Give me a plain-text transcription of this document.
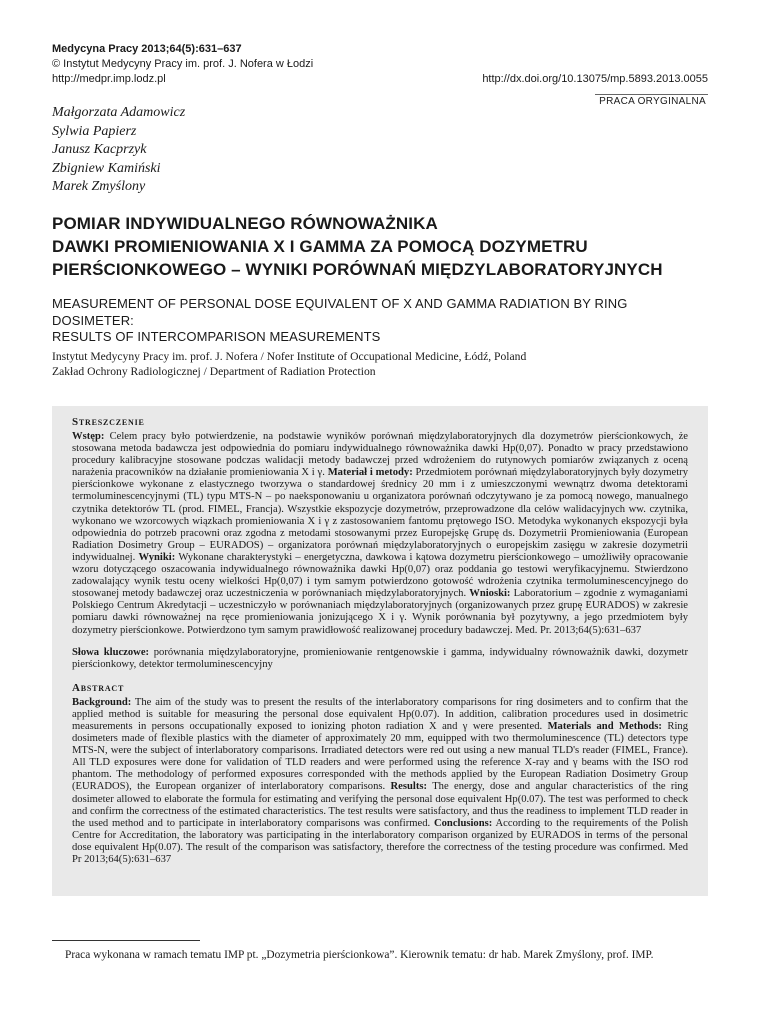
Medycyna Pracy 2013;64(5):631–637
© Instytut Medycyny Pracy im. prof. J. Nofera w Łodzi
http://medpr.imp.lodz.pl	http://dx.doi.org/10.13075/mp.5893.2013.0055
PRACA ORYGINALNA
Małgorzata Adamowicz
Sylwia Papierz
Janusz Kacprzyk
Zbigniew Kamiński
Marek Zmyślony
POMIAR INDYWIDUALNEGO RÓWNOWAŻNIKA
DAWKI PROMIENIOWANIA X I GAMMA ZA POMOCĄ DOZYMETRU
PIERŚCIONKOWEGO – WYNIKI PORÓWNAŃ MIĘDZYLABORATORYJNYCH
MEASUREMENT OF PERSONAL DOSE EQUIVALENT OF X AND GAMMA RADIATION BY RING DOSIMETER:
RESULTS OF INTERCOMPARISON MEASUREMENTS
Instytut Medycyny Pracy im. prof. J. Nofera / Nofer Institute of Occupational Medicine, Łódź, Poland
Zakład Ochrony Radiologicznej / Department of Radiation Protection
Streszczenie

Wstęp: Celem pracy było potwierdzenie, na podstawie wyników porównań międzylaboratoryjnych dla dozymetrów pierścionkowych, że stosowana metoda badawcza jest odpowiednia do pomiaru indywidualnego równoważnika dawki Hp(0,07). Ponadto w pracy przedstawiono procedury kalibracyjne stosowane podczas walidacji metody badawczej przed wdrożeniem do rutynowych pomiarów związanych z oceną narażenia pracowników na działanie promieniowania X i γ. Materiał i metody: Przedmiotem porównań międzylaboratoryjnych były dozymetry pierścionkowe wykonane z elastycznego tworzywa o standardowej średnicy 20 mm i z umieszczonymi wewnątrz dwoma detektorami termoluminescencyjnymi (TL) typu MTS-N – po naeksponowaniu u organizatora porównań odczytywano je za pomocą nowego, manualnego czytnika detektorów TL (prod. FIMEL, Francja). Wszystkie ekspozycje dozymetrów, przeprowadzone dla celów walidacyjnych ww. czytnika, wykonano we wzorcowych wiązkach promieniowania X i γ z zastosowaniem fantomu prętowego ISO. Metodyka wykonanych ekspozycji była odpowiednia do potrzeb pracowni oraz zgodna z metodami stosowanymi przez Europejskę Grupę ds. Dozymetrii Promieniowania (European Radiation Dosimetry Group – EURADOS) – organizatora porównań międzylaboratoryjnych o europejskim zasięgu w zakresie dozymetrii indywidualnej. Wyniki: Wykonane charakterystyki – energetyczna, dawkowa i kątowa dozymetru pierścionkowego – umożliwiły opracowanie wzoru dotyczącego oszacowania indywidualnego równoważnika dawki Hp(0,07) oraz poddania go testowi weryfikacyjnemu. Stwierdzono zadowalający wynik testu oceny wielkości Hp(0,07) i tym samym potwierdzono gotowość wdrożenia czytnika termoluminescencyjnego do stosowanej metody badawczej oraz uczestniczenia w porównaniach międzylaboratoryjnych. Wnioski: Laboratorium – zgodnie z wymaganiami Polskiego Centrum Akredytacji – uczestniczyło w porównaniach międzylaboratoryjnych (organizowanych przez grupę EURADOS) w zakresie pomiaru dawki równoważnej na ręce promieniowania jonizującego X i γ. Wynik porównania był pozytywny, a jego przedmiotem były dozymetry pierścionkowe. Potwierdzono tym samym prawidłowość realizowanej procedury badawczej. Med. Pr. 2013;64(5):631–637

Słowa kluczowe: porównania międzylaboratoryjne, promieniowanie rentgenowskie i gamma, indywidualny równoważnik dawki, dozymetr pierścionkowy, detektor termoluminescencyjny

Abstract

Background: The aim of the study was to present the results of the interlaboratory comparisons for ring dosimeters and to confirm that the applied method is suitable for measuring the personal dose equivalent Hp(0.07). In addition, calibration procedures used in dosimetric measurements in persons occupationally exposed to ionizing photon radiation X and γ were presented. Materials and Methods: Ring dosimeters made of flexible plastics with the diameter of approximately 20 mm, equipped with two thermoluminescence (TL) detectors type MTS-N, were the subject of interlaboratory comparisons. Irradiated detectors were red out using a new manual TLD's reader (FIMEL, France). All TLD exposures were done for validation of TLD readers and were performed using the reference X-ray and γ beams with the ISO rod phantom. The methodology of performed exposures corresponded with the methods applied by the European Radiation Dosimetry Group (EURADOS), the European organizer of interlaboratory comparisons. Results: The energy, dose and angular characteristics of the ring dosimeter allowed to elaborate the formula for estimating and verifying the personal dose equivalent Hp(0.07). The test was performed to check and confirm the correctness of the estimated characteristics. The test results were satisfactory, and thus the readiness to implement TLD reader in the used method and to participate in interlaboratory comparisons was confirmed. Conclusions: According to the requirements of the Polish Centre for Accreditation, the laboratory was participating in the interlaboratory comparison organized by EURADOS in terms of the personal dose equivalent Hp(0.07). The result of the comparison was satisfactory, therefore the correctness of the testing procedure was confirmed. Med Pr 2013;64(5):631–637

Praca wykonana w ramach tematu IMP pt. „Dozymetria pierścionkowa”. Kierownik tematu: dr hab. Marek Zmyślony, prof. IMP.
